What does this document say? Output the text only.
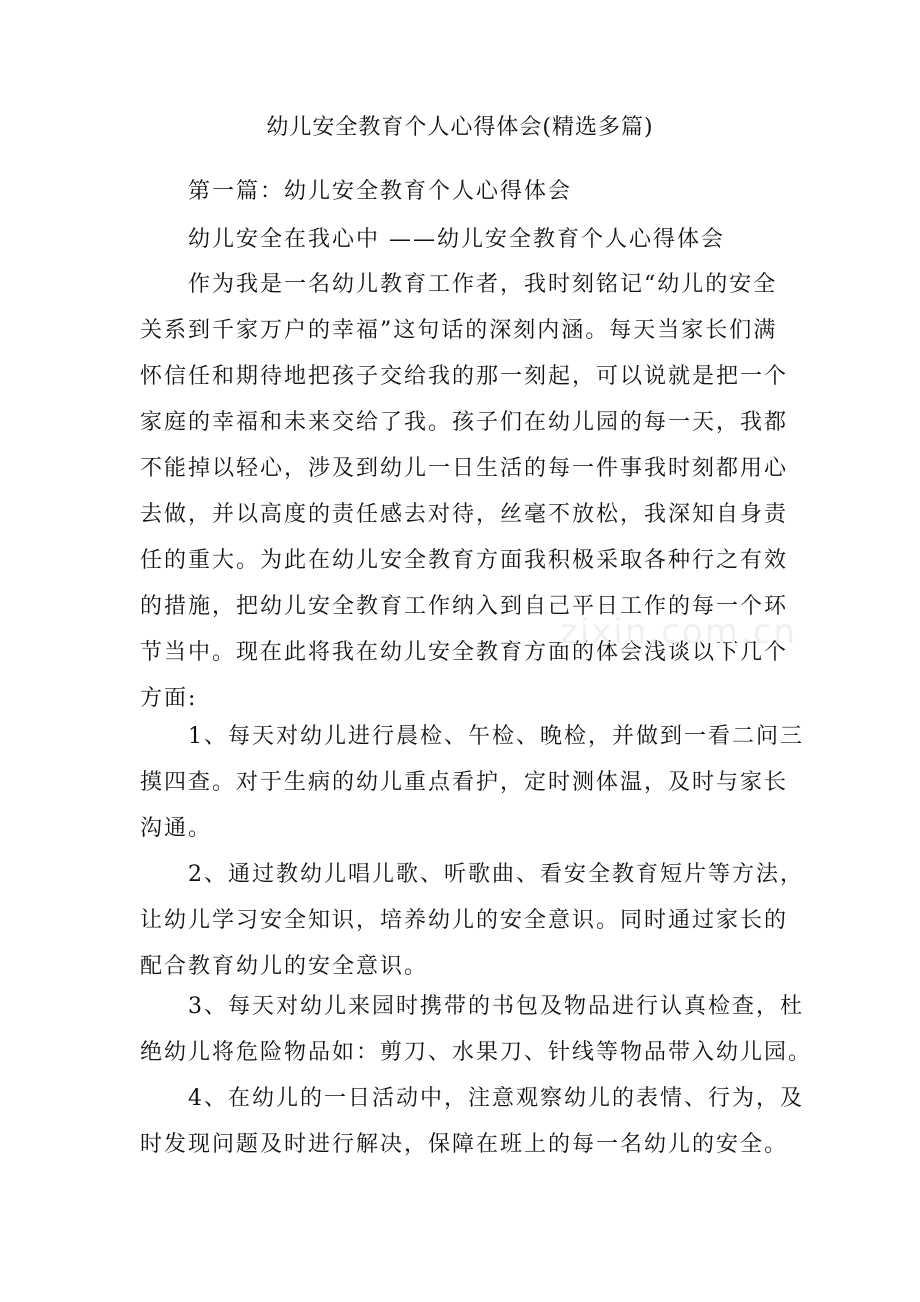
幼儿安全教育个人心得体会(精选多篇)
第一篇：幼儿安全教育个人心得体会
幼儿安全在我心中 ——幼儿安全教育个人心得体会
作为我是一名幼儿教育工作者，我时刻铭记“幼儿的安全
关系到千家万户的幸福”这句话的深刻内涵。每天当家长们满
怀信任和期待地把孩子交给我的那一刻起，可以说就是把一个
家庭的幸福和未来交给了我。孩子们在幼儿园的每一天，我都
不能掉以轻心，涉及到幼儿一日生活的每一件事我时刻都用心
去做，并以高度的责任感去对待，丝毫不放松，我深知自身责
任的重大。为此在幼儿安全教育方面我积极采取各种行之有效
的措施，把幼儿安全教育工作纳入到自己平日工作的每一个环
节当中。现在此将我在幼儿安全教育方面的体会浅谈以下几个
方面:
1、每天对幼儿进行晨检、午检、晚检，并做到一看二问三
摸四查。对于生病的幼儿重点看护，定时测体温，及时与家长
沟通。
2、通过教幼儿唱儿歌、听歌曲、看安全教育短片等方法，
让幼儿学习安全知识，培养幼儿的安全意识。同时通过家长的
配合教育幼儿的安全意识。
3、每天对幼儿来园时携带的书包及物品进行认真检查，杜
绝幼儿将危险物品如：剪刀、水果刀、针线等物品带入幼儿园。
4、在幼儿的一日活动中，注意观察幼儿的表情、行为，及
时发现问题及时进行解决，保障在班上的每一名幼儿的安全。
zixin.com.cn
